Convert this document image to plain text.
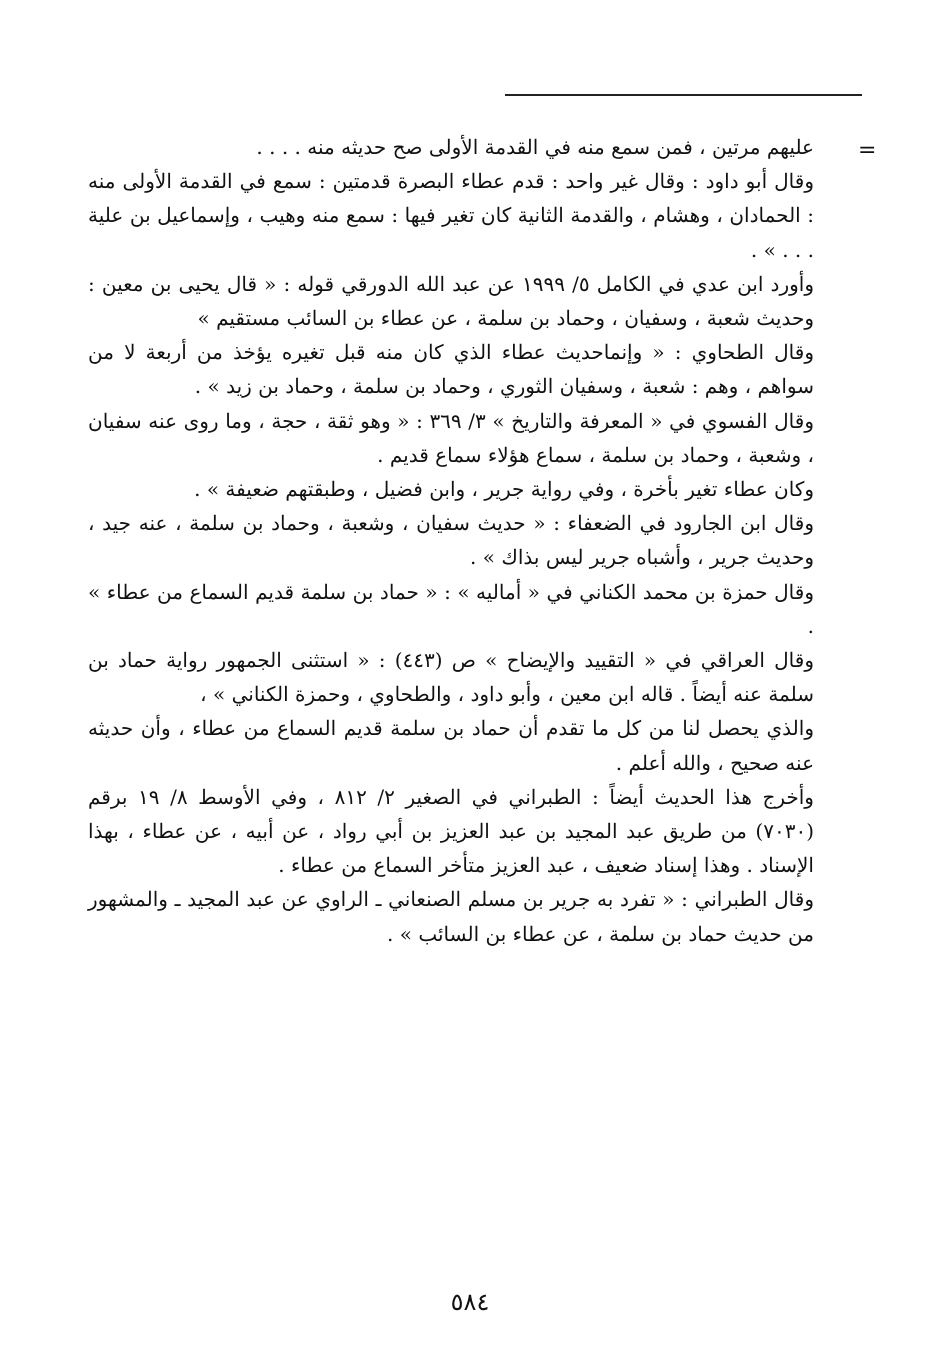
=

عليهم مرتين ، فمن سمع منه في القدمة الأولى صح حديثه منه . . . .

وقال أبو داود : وقال غير واحد : قدم عطاء البصرة قدمتين : سمع في القدمة الأولى منه : الحمادان ، وهشام ، والقدمة الثانية كان تغير فيها : سمع منه وهيب ، وإسماعيل بن علية . . . » .

وأورد ابن عدي في الكامل ٥/ ١٩٩٩ عن عبد الله الدورقي قوله : « قال يحيى بن معين : وحديث شعبة ، وسفيان ، وحماد بن سلمة ، عن عطاء بن السائب مستقيم »

وقال الطحاوي : « وإنماحديث عطاء الذي كان منه قبل تغيره يؤخذ من أربعة لا من سواهم ، وهم : شعبة ، وسفيان الثوري ، وحماد بن سلمة ، وحماد بن زيد » .

وقال الفسوي في « المعرفة والتاريخ » ٣/ ٣٦٩ : « وهو ثقة ، حجة ، وما روى عنه سفيان ، وشعبة ، وحماد بن سلمة ، سماع هؤلاء سماع قديم .

وكان عطاء تغير بأخرة ، وفي رواية جرير ، وابن فضيل ، وطبقتهم ضعيفة » .

وقال ابن الجارود في الضعفاء : « حديث سفيان ، وشعبة ، وحماد بن سلمة ، عنه جيد ، وحديث جرير ، وأشباه جرير ليس بذاك » .

وقال حمزة بن محمد الكناني في « أماليه » : « حماد بن سلمة قديم السماع من عطاء » .

وقال العراقي في « التقييد والإيضاح » ص (٤٤٣) : « استثنى الجمهور رواية حماد بن سلمة عنه أيضاً . قاله ابن معين ، وأبو داود ، والطحاوي ، وحمزة الكناني » ،

والذي يحصل لنا من كل ما تقدم أن حماد بن سلمة قديم السماع من عطاء ، وأن حديثه عنه صحيح ، والله أعلم .

وأخرج هذا الحديث أيضاً : الطبراني في الصغير ٢/ ٨١٢ ، وفي الأوسط ٨/ ١٩ برقم (٧٠٣٠) من طريق عبد المجيد بن عبد العزيز بن أبي رواد ، عن أبيه ، عن عطاء ، بهذا الإسناد . وهذا إسناد ضعيف ، عبد العزيز متأخر السماع من عطاء .

وقال الطبراني : « تفرد به جرير بن مسلم الصنعاني ـ الراوي عن عبد المجيد ـ والمشهور من حديث حماد بن سلمة ، عن عطاء بن السائب » .

٥٨٤
